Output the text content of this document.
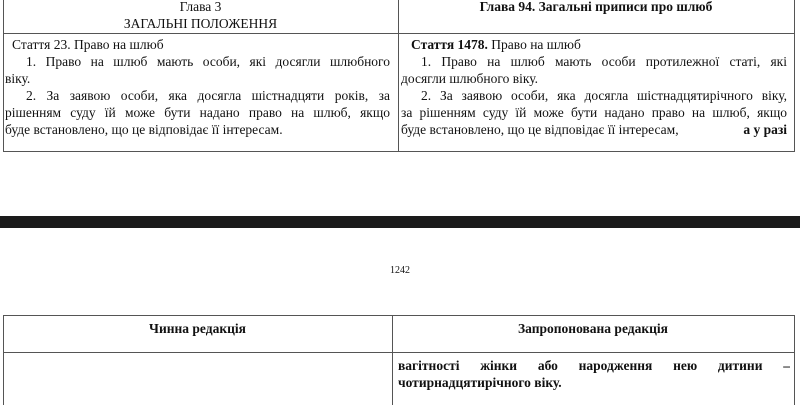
Глава 3
ЗАГАЛЬНІ ПОЛОЖЕННЯ
Глава 94. Загальні приписи про шлюб
Стаття 23. Право на шлюб
1. Право на шлюб мають особи, які досягли шлюбного
віку.
2. За заявою особи, яка досягла шістнадцяти років, за
рішенням суду їй може бути надано право на шлюб, якщо
буде встановлено, що це відповідає її інтересам.
Стаття 1478. Право на шлюб
1. Право на шлюб мають особи протилежної статі, які
досягли шлюбного віку.
2. За заявою особи, яка досягла шістнадцятирічного віку,
за рішенням суду їй може бути надано право на шлюб, якщо
буде встановлено, що це відповідає її інтересам,	а у разі
1242
Чинна редакція	Запропонована редакція
вагітності жінки або народження нею дитини –
чотирнадцятирічного віку.
